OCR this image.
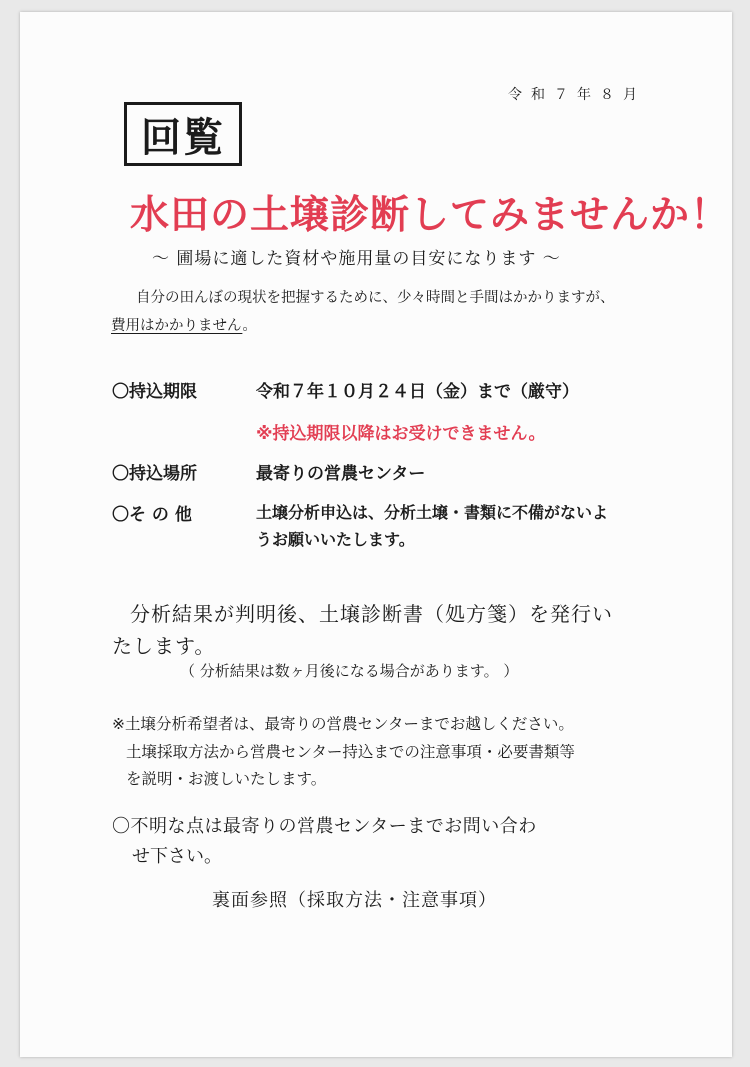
令和７年８月
回覧
水田の土壌診断してみませんか！
～ 圃場に適した資材や施用量の目安になります ～
自分の田んぼの現状を把握するために、少々時間と手間はかかりますが、
費用はかかりません。
〇持込期限	令和７年１０月２４日（金）まで（厳守）
※持込期限以降はお受けできません。
〇持込場所	最寄りの営農センター
〇そ の 他	土壌分析申込は、分析土壌・書類に不備がないよ
うお願いいたします。
分析結果が判明後、土壌診断書（処方箋）を発行い
たします。
（ 分析結果は数ヶ月後になる場合があります。 ）
※土壌分析希望者は、最寄りの営農センターまでお越しください。
土壌採取方法から営農センター持込までの注意事項・必要書類等
を説明・お渡しいたします。
〇不明な点は最寄りの営農センターまでお問い合わ
せ下さい。
裏面参照（採取方法・注意事項）
